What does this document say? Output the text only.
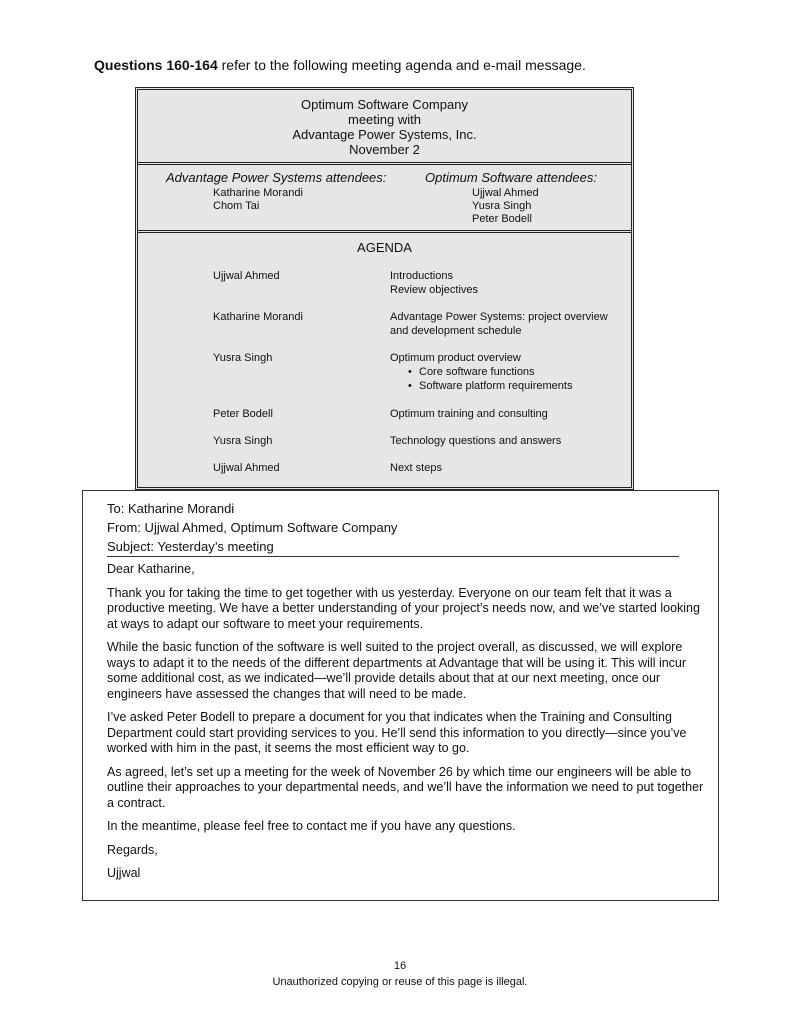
Questions 160-164 refer to the following meeting agenda and e-mail message.
Optimum Software Company
meeting with
Advantage Power Systems, Inc.
November 2
Advantage Power Systems attendees:
Katharine Morandi
Chom Tai
Optimum Software attendees:
Ujjwal Ahmed
Yusra Singh
Peter Bodell
AGENDA
Ujjwal Ahmed	Introductions
Review objectives
Katharine Morandi	Advantage Power Systems: project overview
and development schedule
Yusra Singh	Optimum product overview
• Core software functions
• Software platform requirements
Peter Bodell	Optimum training and consulting
Yusra Singh	Technology questions and answers
Ujjwal Ahmed	Next steps
To: Katharine Morandi
From: Ujjwal Ahmed, Optimum Software Company
Subject: Yesterday’s meeting

Dear Katharine,

Thank you for taking the time to get together with us yesterday. Everyone on our team felt that it was a productive meeting. We have a better understanding of your project’s needs now, and we’ve started looking at ways to adapt our software to meet your requirements.

While the basic function of the software is well suited to the project overall, as discussed, we will explore ways to adapt it to the needs of the different departments at Advantage that will be using it. This will incur some additional cost, as we indicated—we’ll provide details about that at our next meeting, once our engineers have assessed the changes that will need to be made.

I’ve asked Peter Bodell to prepare a document for you that indicates when the Training and Consulting Department could start providing services to you. He’ll send this information to you directly—since you’ve worked with him in the past, it seems the most efficient way to go.

As agreed, let’s set up a meeting for the week of November 26 by which time our engineers will be able to outline their approaches to your departmental needs, and we’ll have the information we need to put together a contract.

In the meantime, please feel free to contact me if you have any questions.

Regards,

Ujjwal

16
Unauthorized copying or reuse of this page is illegal.
